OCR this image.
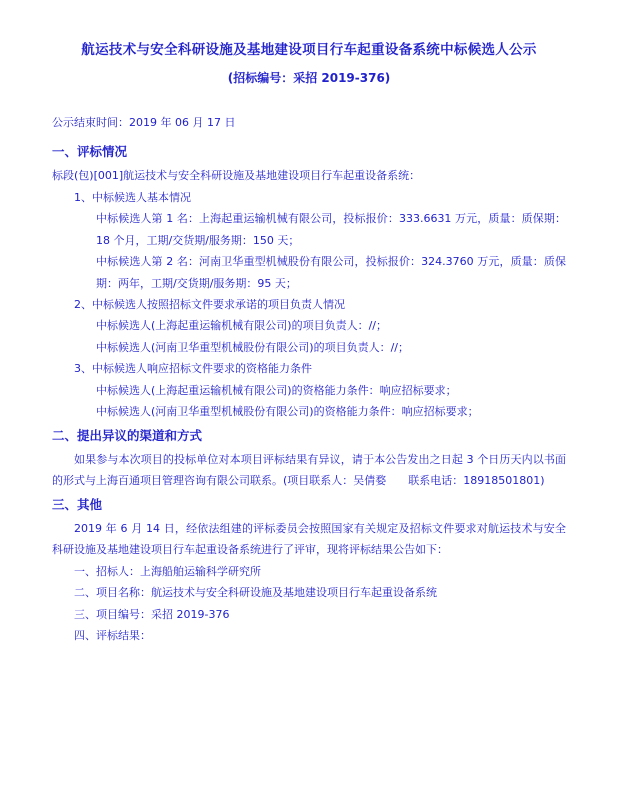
航运技术与安全科研设施及基地建设项目行车起重设备系统中标候选人公示
(招标编号：采招 2019-376)
公示结束时间：2019 年 06 月 17 日
一、评标情况
标段(包)[001]航运技术与安全科研设施及基地建设项目行车起重设备系统：
1、中标候选人基本情况
中标候选人第 1 名：上海起重运输机械有限公司，投标报价：333.6631 万元，质量：质保期：18 个月，工期/交货期/服务期：150 天；
中标候选人第 2 名：河南卫华重型机械股份有限公司，投标报价：324.3760 万元，质量：质保期：两年，工期/交货期/服务期：95 天；
2、中标候选人按照招标文件要求承诺的项目负责人情况
中标候选人(上海起重运输机械有限公司)的项目负责人：//；
中标候选人(河南卫华重型机械股份有限公司)的项目负责人：//；
3、中标候选人响应招标文件要求的资格能力条件
中标候选人(上海起重运输机械有限公司)的资格能力条件：响应招标要求；
中标候选人(河南卫华重型机械股份有限公司)的资格能力条件：响应招标要求；
二、提出异议的渠道和方式
如果参与本次项目的投标单位对本项目评标结果有异议，请于本公告发出之日起 3 个日历天内以书面的形式与上海百通项目管理咨询有限公司联系。(项目联系人：吴倩婺　　联系电话：18918501801)
三、其他
2019 年 6 月 14 日，经依法组建的评标委员会按照国家有关规定及招标文件要求对航运技术与安全科研设施及基地建设项目行车起重设备系统进行了评审，现将评标结果公告如下：
一、招标人：上海船舶运输科学研究所
二、项目名称：航运技术与安全科研设施及基地建设项目行车起重设备系统
三、项目编号：采招 2019-376
四、评标结果：
